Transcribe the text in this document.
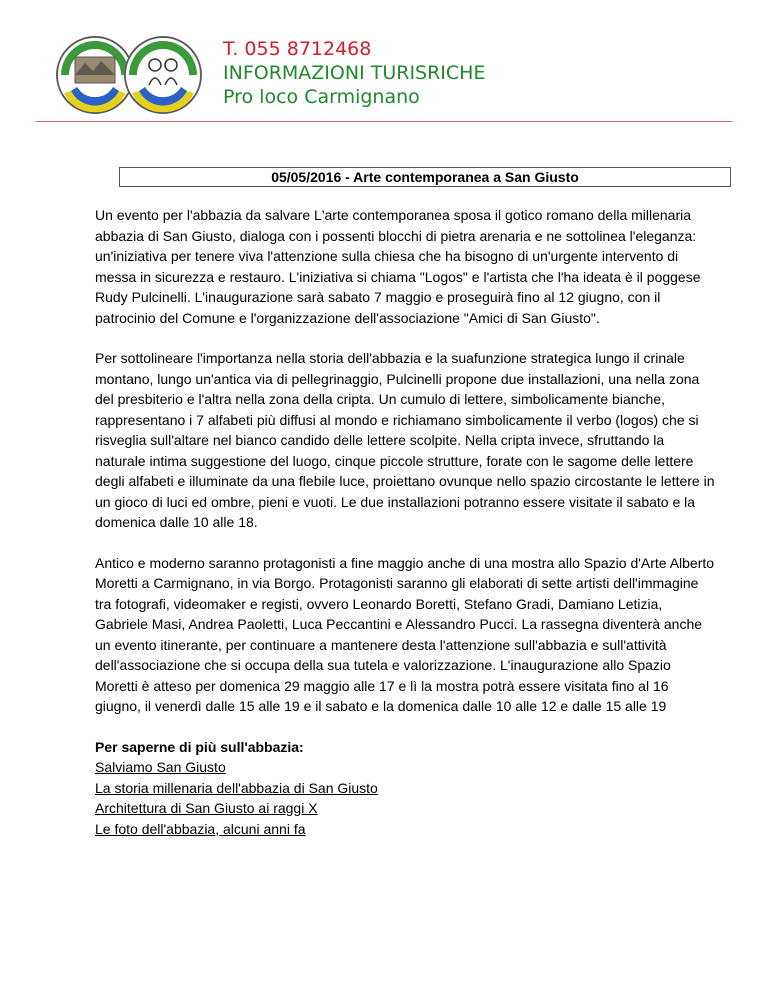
T. 055 8712468
INFORMAZIONI TURISRICHE
Pro loco Carmignano
05/05/2016 - Arte contemporanea a San Giusto

Un evento per l'abbazia da salvare L'arte contemporanea sposa il gotico romano della millenaria abbazia di San Giusto, dialoga con i possenti blocchi di pietra arenaria e ne sottolinea l'eleganza: un'iniziativa per tenere viva l'attenzione sulla chiesa che ha bisogno di un'urgente intervento di messa in sicurezza e restauro. L'iniziativa si chiama "Logos" e l'artista che l'ha ideata è il poggese Rudy Pulcinelli. L'inaugurazione sarà sabato 7 maggio e proseguirà fino al 12 giugno, con il patrocinio del Comune e l'organizzazione dell'associazione "Amici di San Giusto".

Per sottolineare l'importanza nella storia dell'abbazia e la suafunzione strategica lungo il crinale montano, lungo un'antica via di pellegrinaggio, Pulcinelli propone due installazioni, una nella zona del presbiterio e l'altra nella zona della cripta. Un cumulo di lettere, simbolicamente bianche, rappresentano i 7 alfabeti più diffusi al mondo e richiamano simbolicamente il verbo (logos) che si risveglia sull'altare nel bianco candido delle lettere scolpite. Nella cripta invece, sfruttando la naturale intima suggestione del luogo, cinque piccole strutture, forate con le sagome delle lettere degli alfabeti e illuminate da una flebile luce, proiettano ovunque nello spazio circostante le lettere in un gioco di luci ed ombre, pieni e vuoti. Le due installazioni potranno essere visitate il sabato e la domenica dalle 10 alle 18.

Antico e moderno saranno protagonisti a fine maggio anche di una mostra allo Spazio d'Arte Alberto Moretti a Carmignano, in via Borgo. Protagonisti saranno gli elaborati di sette artisti dell'immagine tra fotografi, videomaker e registi, ovvero Leonardo Boretti, Stefano Gradi, Damiano Letizia, Gabriele Masi, Andrea Paoletti, Luca Peccantini e Alessandro Pucci. La rassegna diventerà anche un evento itinerante, per continuare a mantenere desta l'attenzione sull'abbazia e sull'attività dell'associazione che si occupa della sua tutela e valorizzazione. L'inaugurazione allo Spazio Moretti è atteso per domenica 29 maggio alle 17 e lì la mostra potrà essere visitata fino al 16 giugno, il venerdì dalle 15 alle 19 e il sabato e la domenica dalle 10 alle 12 e dalle 15 alle 19

Per saperne di più sull'abbazia:
Salviamo San Giusto
La storia millenaria dell'abbazia di San Giusto
Architettura di San Giusto ai raggi X
Le foto dell'abbazia, alcuni anni fa
